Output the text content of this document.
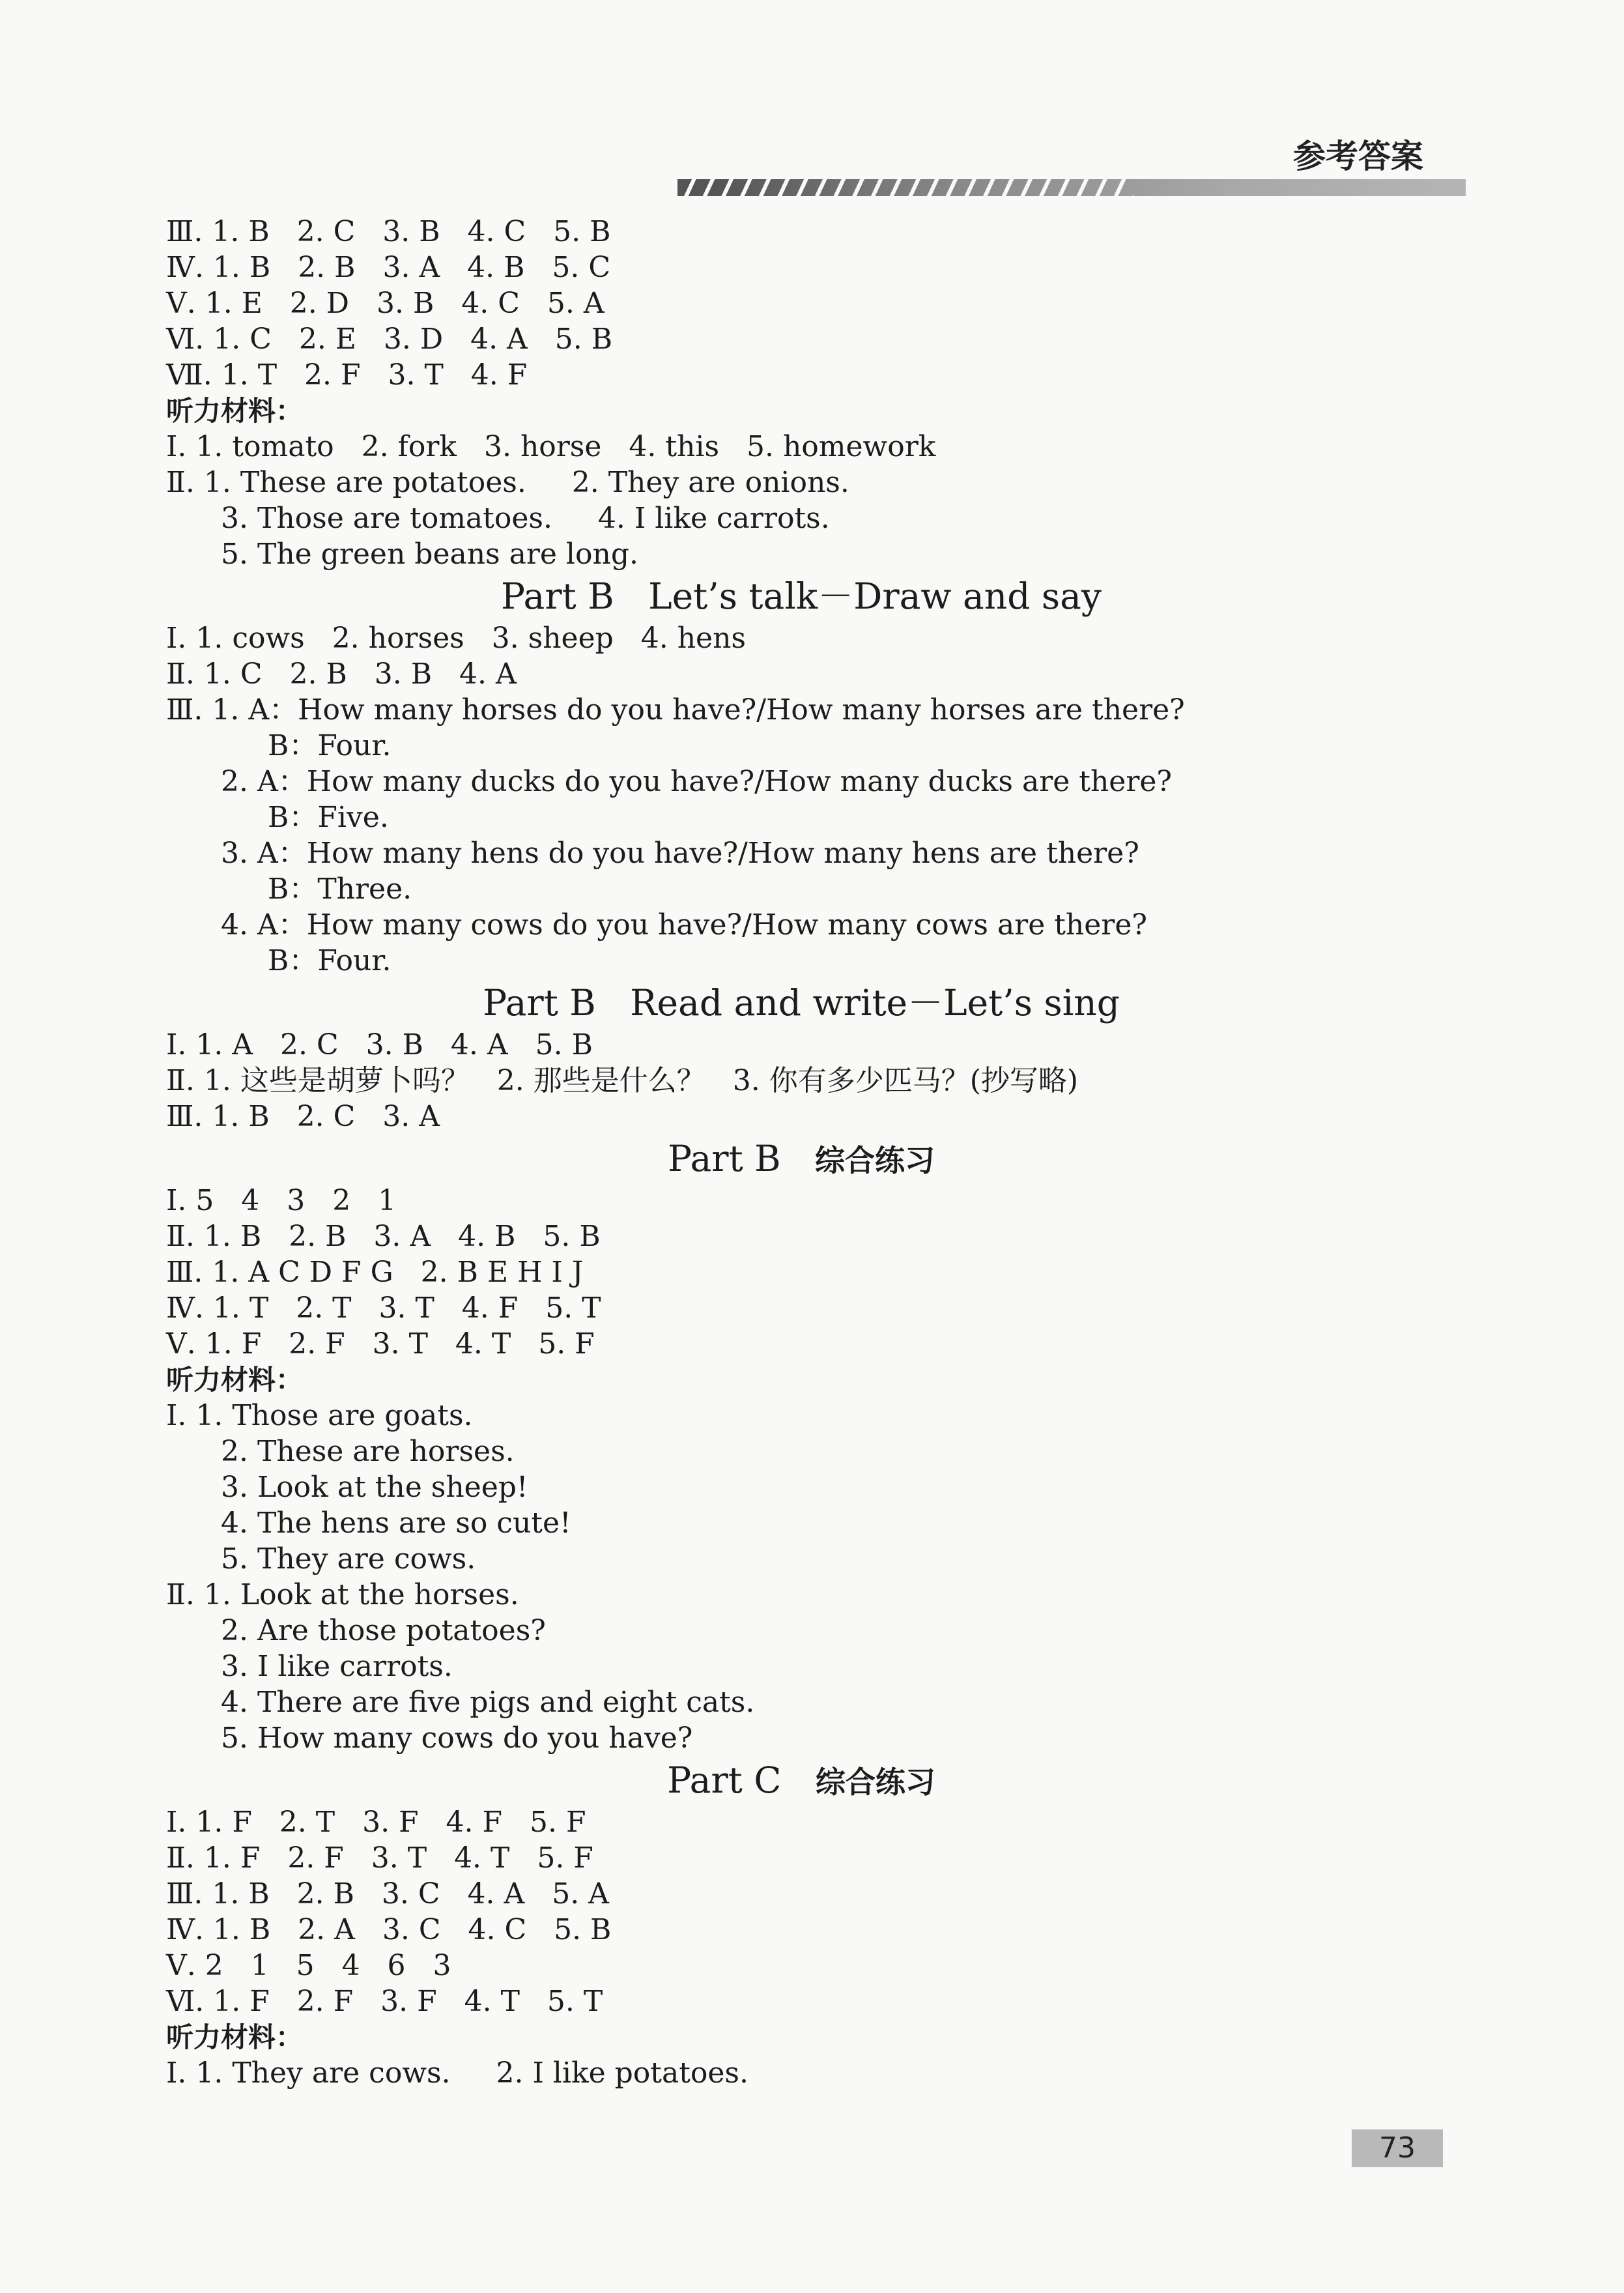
参考答案
Ⅲ. 1. B   2. C   3. B   4. C   5. B
Ⅳ. 1. B   2. B   3. A   4. B   5. C
Ⅴ. 1. E   2. D   3. B   4. C   5. A
Ⅵ. 1. C   2. E   3. D   4. A   5. B
Ⅶ. 1. T   2. F   3. T   4. F
听力材料：
Ⅰ. 1. tomato   2. fork   3. horse   4. this   5. homework
Ⅱ. 1. These are potatoes.     2. They are onions.
3. Those are tomatoes.     4. I like carrots.
5. The green beans are long.
Part B   Let’s talk－Draw and say
Ⅰ. 1. cows   2. horses   3. sheep   4. hens
Ⅱ. 1. C   2. B   3. B   4. A
Ⅲ. 1. A：How many horses do you have?/How many horses are there?
B：Four.
2. A：How many ducks do you have?/How many ducks are there?
B：Five.
3. A：How many hens do you have?/How many hens are there?
B：Three.
4. A：How many cows do you have?/How many cows are there?
B：Four.
Part B   Read and write－Let’s sing
Ⅰ. 1. A   2. C   3. B   4. A   5. B
Ⅱ. 1. 这些是胡萝卜吗？   2. 那些是什么？   3. 你有多少匹马？(抄写略)
Ⅲ. 1. B   2. C   3. A
Part B   综合练习
Ⅰ. 5   4   3   2   1
Ⅱ. 1. B   2. B   3. A   4. B   5. B
Ⅲ. 1. A C D F G   2. B E H I J
Ⅳ. 1. T   2. T   3. T   4. F   5. T
Ⅴ. 1. F   2. F   3. T   4. T   5. F
听力材料：
Ⅰ. 1. Those are goats.
2. These are horses.
3. Look at the sheep!
4. The hens are so cute!
5. They are cows.
Ⅱ. 1. Look at the horses.
2. Are those potatoes?
3. I like carrots.
4. There are five pigs and eight cats.
5. How many cows do you have?
Part C   综合练习
Ⅰ. 1. F   2. T   3. F   4. F   5. F
Ⅱ. 1. F   2. F   3. T   4. T   5. F
Ⅲ. 1. B   2. B   3. C   4. A   5. A
Ⅳ. 1. B   2. A   3. C   4. C   5. B
Ⅴ. 2   1   5   4   6   3
Ⅵ. 1. F   2. F   3. F   4. T   5. T
听力材料：
Ⅰ. 1. They are cows.     2. I like potatoes.
73
